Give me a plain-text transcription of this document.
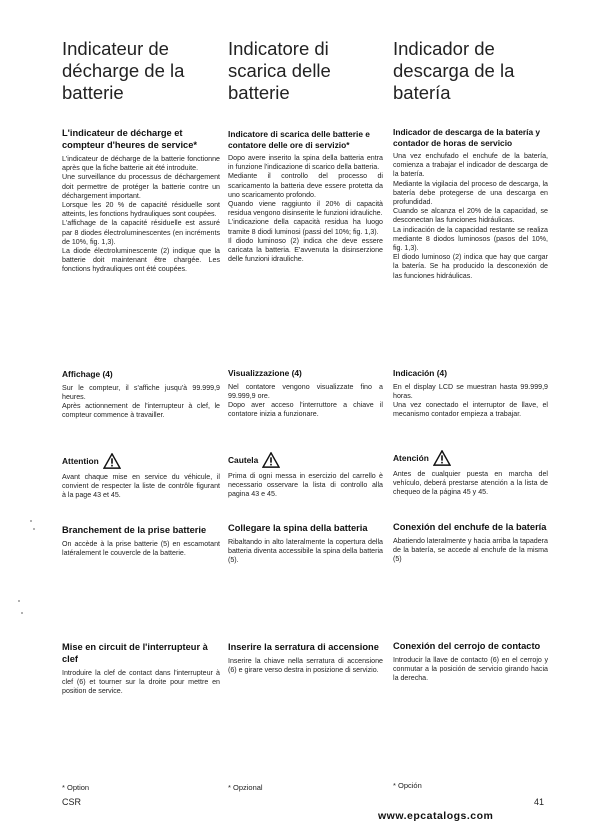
Indicateur de décharge de la batterie
L'indicateur de décharge et compteur d'heures de service*

L'indicateur de décharge de la batterie fonctionne après que la fiche batterie ait été introduite.

Une surveillance du processus de déchargement doit permettre de protéger la batterie contre un déchargement important.

Lorsque les 20 % de capacité résiduelle sont atteints, les fonctions hydrauliques sont coupées.

L'affichage de la capacité résiduelle est assuré par 8 diodes électroluminescentes (en incréments de 10%, fig. 1,3).

La diode électroluminescente (2) indique que la batterie doit maintenant être chargée. Les fonctions hydrauliques ont été coupées.

Affichage (4)

Sur le compteur, il s'affiche jusqu'à 99.999,9 heures.

Après actionnement de l'interrupteur à clef, le compteur commence à travailler.

Attention

Avant chaque mise en service du véhicule, il convient de respecter la liste de contrôle figurant à la page 43 et 45.

Branchement de la prise batterie

On accède à la prise batterie (5) en escamotant latéralement le couvercle de la batterie.

Mise en circuit de l'interrupteur à clef

Introduire la clef de contact dans l'interrupteur à clef (6) et tourner sur la droite pour mettre en position de service.

* Option
Indicatore di scarica delle batterie
Indicatore di scarica delle batterie e contatore delle ore di servizio*

Dopo avere inserito la spina della batteria entra in funzione l'indicazione di scarico della batteria.

Mediante il controllo del processo di scaricamento la batteria deve essere protetta da uno scaricamento profondo.

Quando viene raggiunto il 20% di capacità residua vengono disinserite le funzioni idrauliche.

L'indicazione della capacità residua ha luogo tramite 8 diodi luminosi (passi del 10%; fig. 1,3).

Il diodo luminoso (2) indica che deve essere caricata la batteria. E'avvenuta la disinserzione delle funzioni idrauliche.

Visualizzazione (4)

Nel contatore vengono visualizzate fino a 99.999,9 ore.

Dopo aver acceso l'interruttore a chiave il contatore inizia a funzionare.

Cautela

Prima di ogni messa in esercizio del carrello è necessario osservare la lista di controllo alla pagina 43 e 45.

Collegare la spina della batteria

Ribaltando in alto lateralmente la copertura della batteria diventa accessibile la spina della batteria (5).

Inserire la serratura di accensione

Inserire la chiave nella serratura di accensione (6) e girare verso destra in posizione di servizio.

* Opzional
Indicador de descarga de la batería
Indicador de descarga de la batería y contador de horas de servicio

Una vez enchufado el enchufe de la batería, comienza a trabajar el indicador de descarga de la batería.

Mediante la vigilacia del proceso de descarga, la batería debe protegerse de una descarga en profundidad.

Cuando se alcanza el 20% de la capacidad, se desconectan las funciones hidráulicas.

La indicación de la capacidad restante se realiza mediante 8 diodos luminosos (pasos del 10%, fig. 1,3).

El diodo luminoso (2) indica que hay que cargar la batería. Se ha producido la desconexión de las funciones hidráulicas.

Indicación (4)

En el display LCD se muestran hasta 99.999,9 horas.

Una vez conectado el interruptor de llave, el mecanismo contador empieza a trabajar.

Atención

Antes de cualquier puesta en marcha del vehículo, deberá prestarse atención a la lista de chequeo de la página 45 y 45.

Conexión del enchufe de la batería

Abatiendo lateralmente y hacia arriba la tapadera de la batería, se accede al enchufe de la misma (5)

Conexión del cerrojo de contacto

Introducir la llave de contacto (6) en el cerrojo y conmutar a la posición de servicio girando hacia la derecha.

* Opción
CSR	41
www.epcatalogs.com
